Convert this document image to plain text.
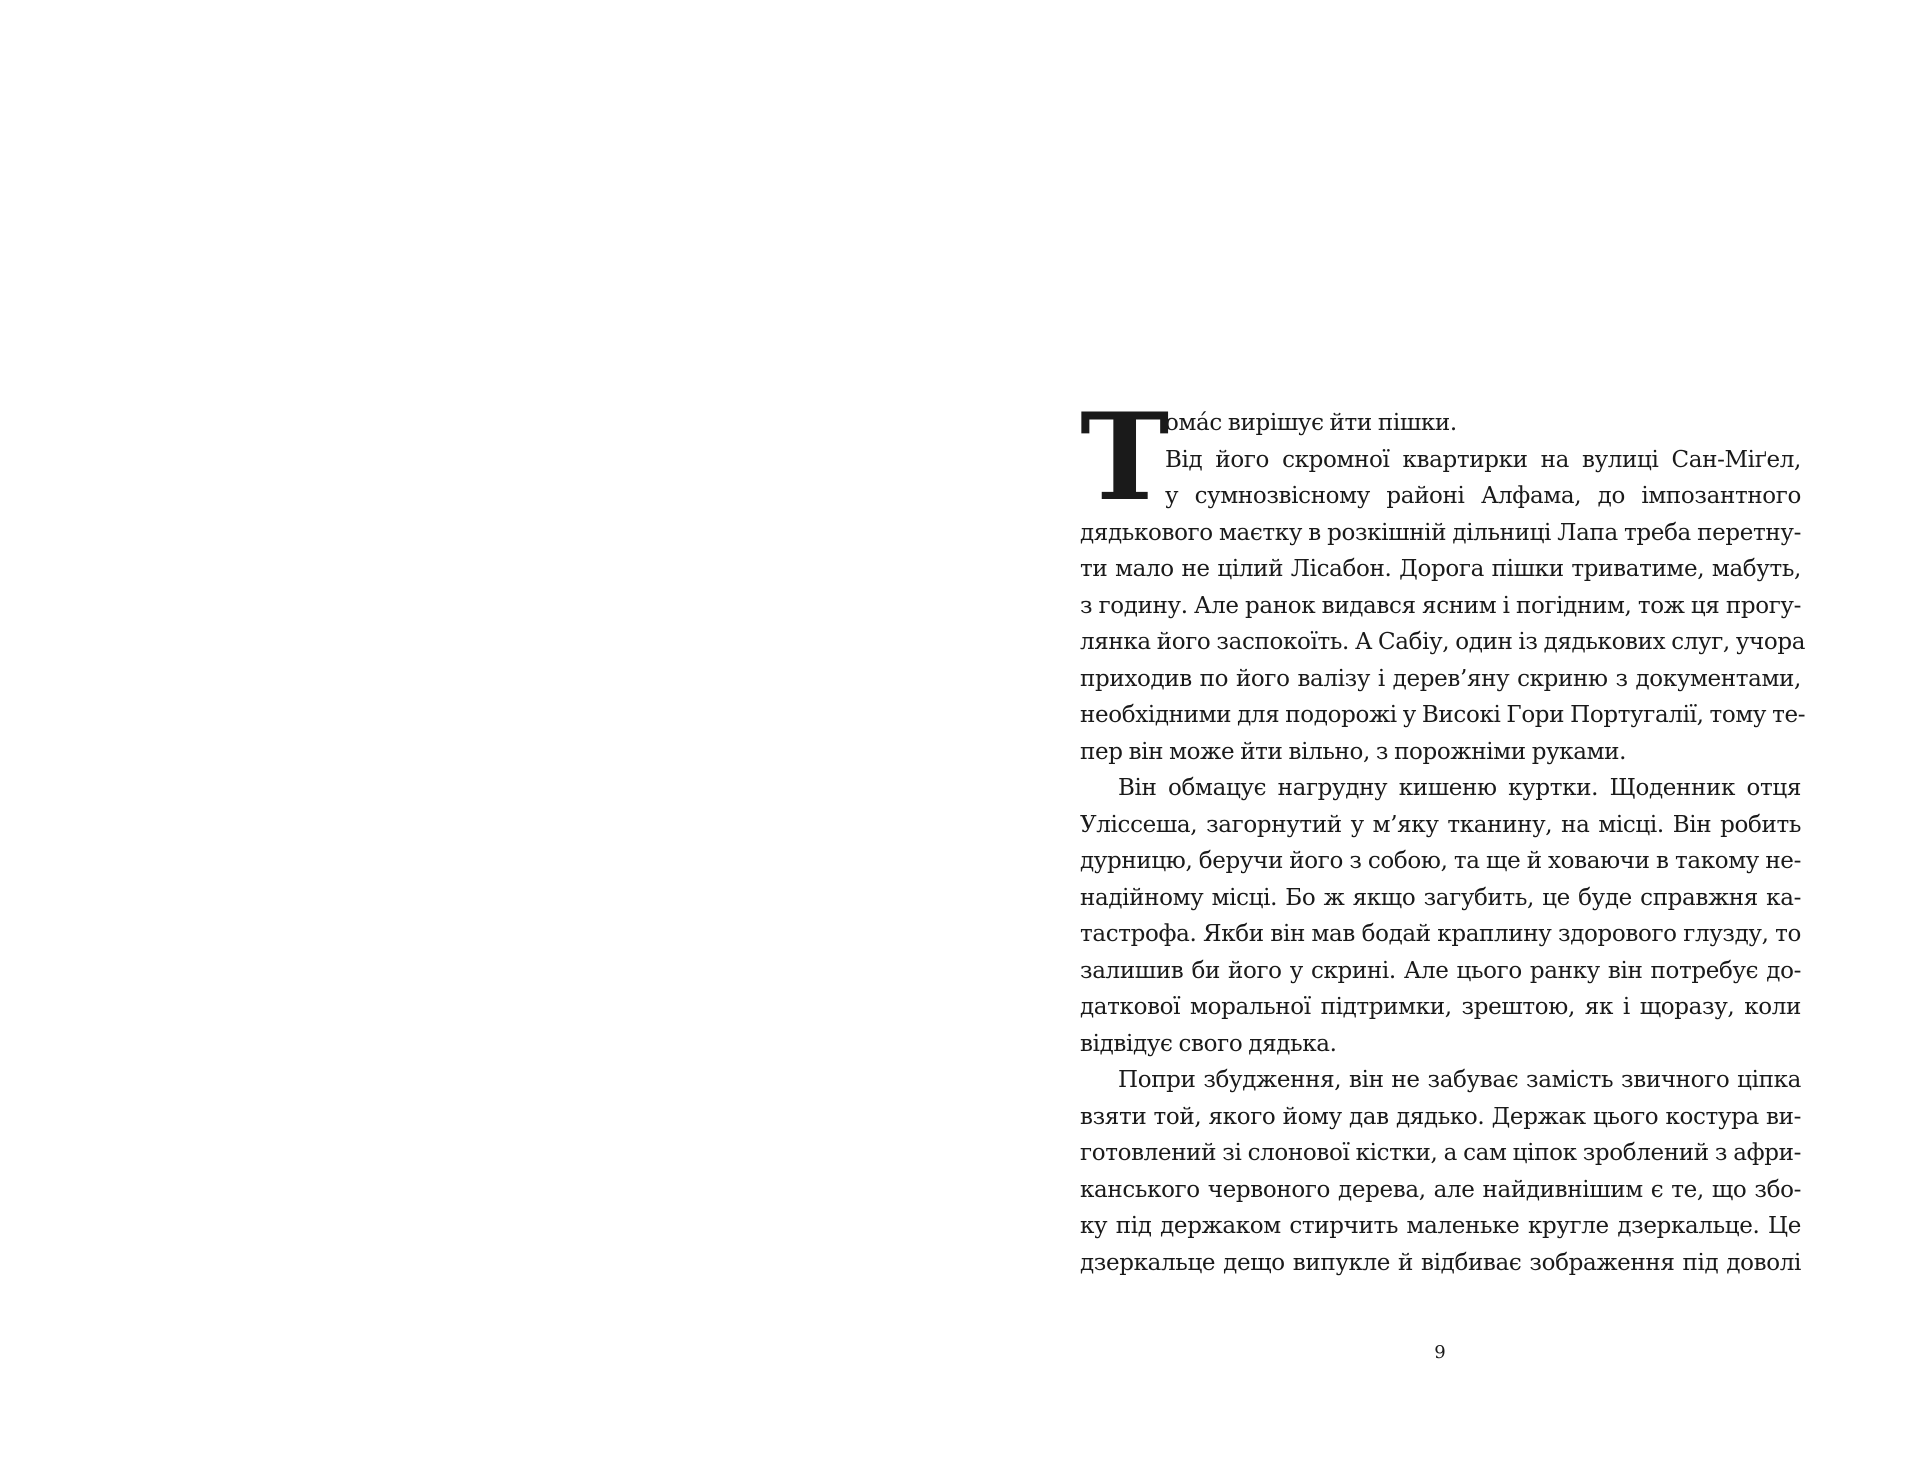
Т
ома́с вирішує йти пішки.
Від його скромної квартирки на вулиці Сан-Міґел,
у сумнозвісному районі Алфама, до імпозантного
дядькового маєтку в розкішній дільниці Лапа треба перетну-
ти мало не цілий Лісабон. Дорога пішки триватиме, мабуть,
з годину. Але ранок видався ясним і погідним, тож ця прогу-
лянка його заспокоїть. А Сабіу, один із дядькових слуг, учора
приходив по його валізу і дерев’яну скриню з документами,
необхідними для подорожі у Високі Гори Португалії, тому те-
пер він може йти вільно, з порожніми руками.
Він обмацує нагрудну кишеню куртки. Щоденник отця
Уліссеша, загорнутий у м’яку тканину, на місці. Він робить
дурницю, беручи його з собою, та ще й ховаючи в такому не-
надійному місці. Бо ж якщо загубить, це буде справжня ка-
тастрофа. Якби він мав бодай краплину здорового глузду, то
залишив би його у скрині. Але цього ранку він потребує до-
даткової моральної підтримки, зрештою, як і щоразу, коли
відвідує свого дядька.
Попри збудження, він не забуває замість звичного ціпка
взяти той, якого йому дав дядько. Держак цього костура ви-
готовлений зі слонової кістки, а сам ціпок зроблений з афри-
канського червоного дерева, але найдивнішим є те, що збо-
ку під держаком стирчить маленьке кругле дзеркальце. Це
дзеркальце дещо випукле й відбиває зображення під доволі
9
